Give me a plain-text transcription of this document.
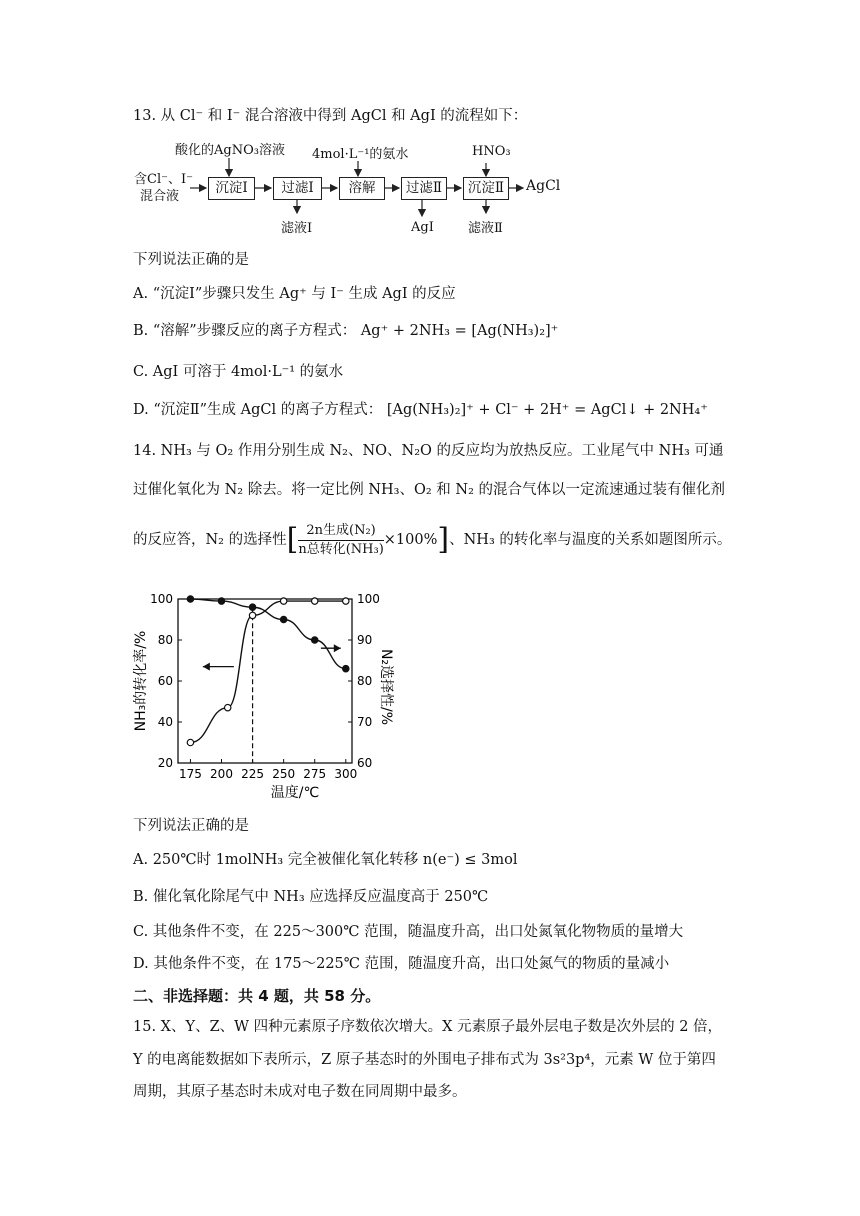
13. 从 Cl⁻ 和 I⁻ 混合溶液中得到 AgCl 和 AgI 的流程如下：
酸化的AgNO₃溶液 4mol·L⁻¹的氨水	HNO₃
含Cl⁻、I⁻
混合液
沉淀Ⅰ	过滤Ⅰ	溶解	过滤Ⅱ	沉淀Ⅱ	AgCl
滤液Ⅰ	AgI	滤液Ⅱ
下列说法正确的是
A. “沉淀Ⅰ”步骤只发生 Ag⁺ 与 I⁻ 生成 AgI 的反应
B. “溶解”步骤反应的离子方程式： Ag⁺ + 2NH₃ = [Ag(NH₃)₂]⁺
C. AgI 可溶于 4mol·L⁻¹ 的氨水
D. “沉淀Ⅱ”生成 AgCl 的离子方程式： [Ag(NH₃)₂]⁺ + Cl⁻ + 2H⁺ = AgCl↓ + 2NH₄⁺
14. NH₃ 与 O₂ 作用分别生成 N₂、NO、N₂O 的反应均为放热反应。工业尾气中 NH₃ 可通
过催化氧化为 N₂ 除去。将一定比例 NH₃、O₂ 和 N₂ 的混合气体以一定流速通过装有催化剂
的反应答，N₂ 的选择性[ $\frac{\text{2n生成(N₂)}}{\text{n总转化(NH₃)}} \times 100\%$]、NH₃ 的转化率与温度的关系如题图所示。
175 200 225 250 275 300
20
40
60
80
100
60
70
80
90
100
温度/℃
NH₃的转化率/%	N₂选择性/%
下列说法正确的是
A. 250℃时 1molNH₃ 完全被催化氧化转移 n(e⁻) ≤ 3mol
B. 催化氧化除尾气中 NH₃ 应选择反应温度高于 250℃
C. 其他条件不变，在 225～300℃ 范围，随温度升高，出口处氮氧化物物质的量增大
D. 其他条件不变，在 175～225℃ 范围，随温度升高，出口处氮气的物质的量减小
二、非选择题：共 4 题，共 58 分。
15. X、Y、Z、W 四种元素原子序数依次增大。X 元素原子最外层电子数是次外层的 2 倍，
Y 的电离能数据如下表所示，Z 原子基态时的外围电子排布式为 3s²3p⁴，元素 W 位于第四
周期，其原子基态时未成对电子数在同周期中最多。
